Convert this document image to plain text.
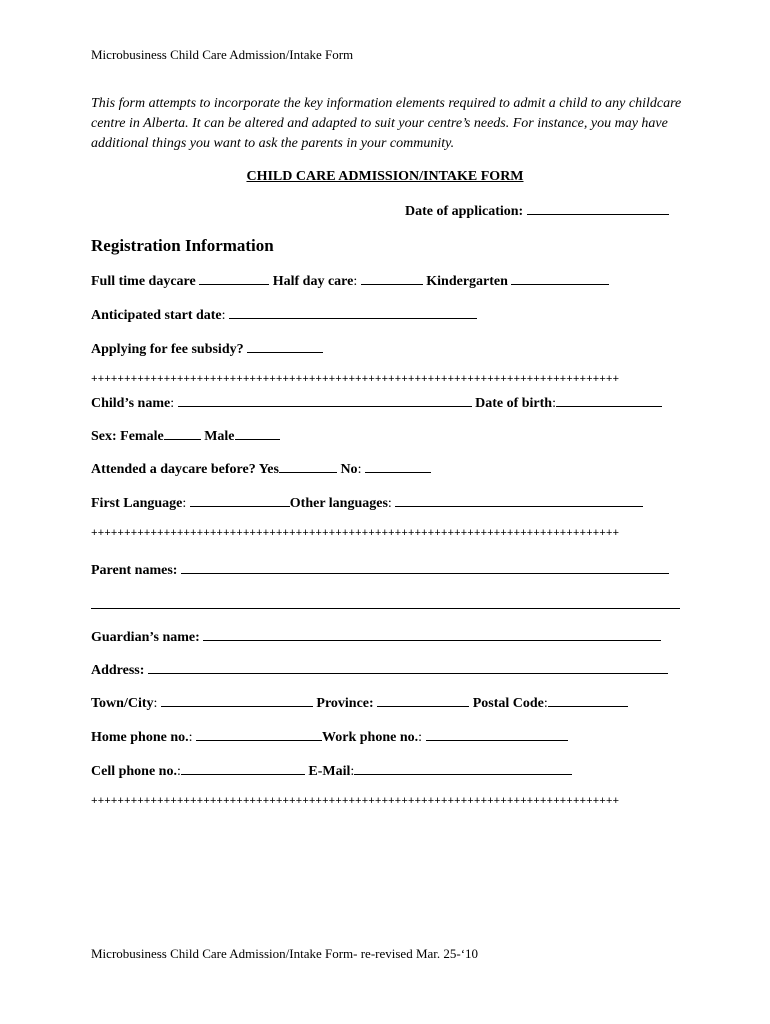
Microbusiness Child Care Admission/Intake Form
This form attempts to incorporate the key information elements required to admit a child to any childcare centre in Alberta. It can be altered and adapted to suit your centre’s needs. For instance, you may have additional things you want to ask the parents in your community.
CHILD CARE ADMISSION/INTAKE FORM
Date of application:
Registration Information
Full time daycare	Half day care:	Kindergarten
Anticipated start date:
Applying for fee subsidy?
++++++++++++++++++++++++++++++++++++++++++++++++++++++++++++++++++++++++++++++++
Child’s name:	Date of birth:
Sex: Female	Male
Attended a daycare before? Yes	No:
First Language:	Other languages:
++++++++++++++++++++++++++++++++++++++++++++++++++++++++++++++++++++++++++++++++
Parent names:
Guardian’s name:
Address:
Town/City:	Province:	Postal Code:
Home phone no.:	Work phone no.:
Cell phone no.:	E-Mail:
++++++++++++++++++++++++++++++++++++++++++++++++++++++++++++++++++++++++++++++++
Microbusiness Child Care Admission/Intake Form- re-revised Mar. 25-‘10
